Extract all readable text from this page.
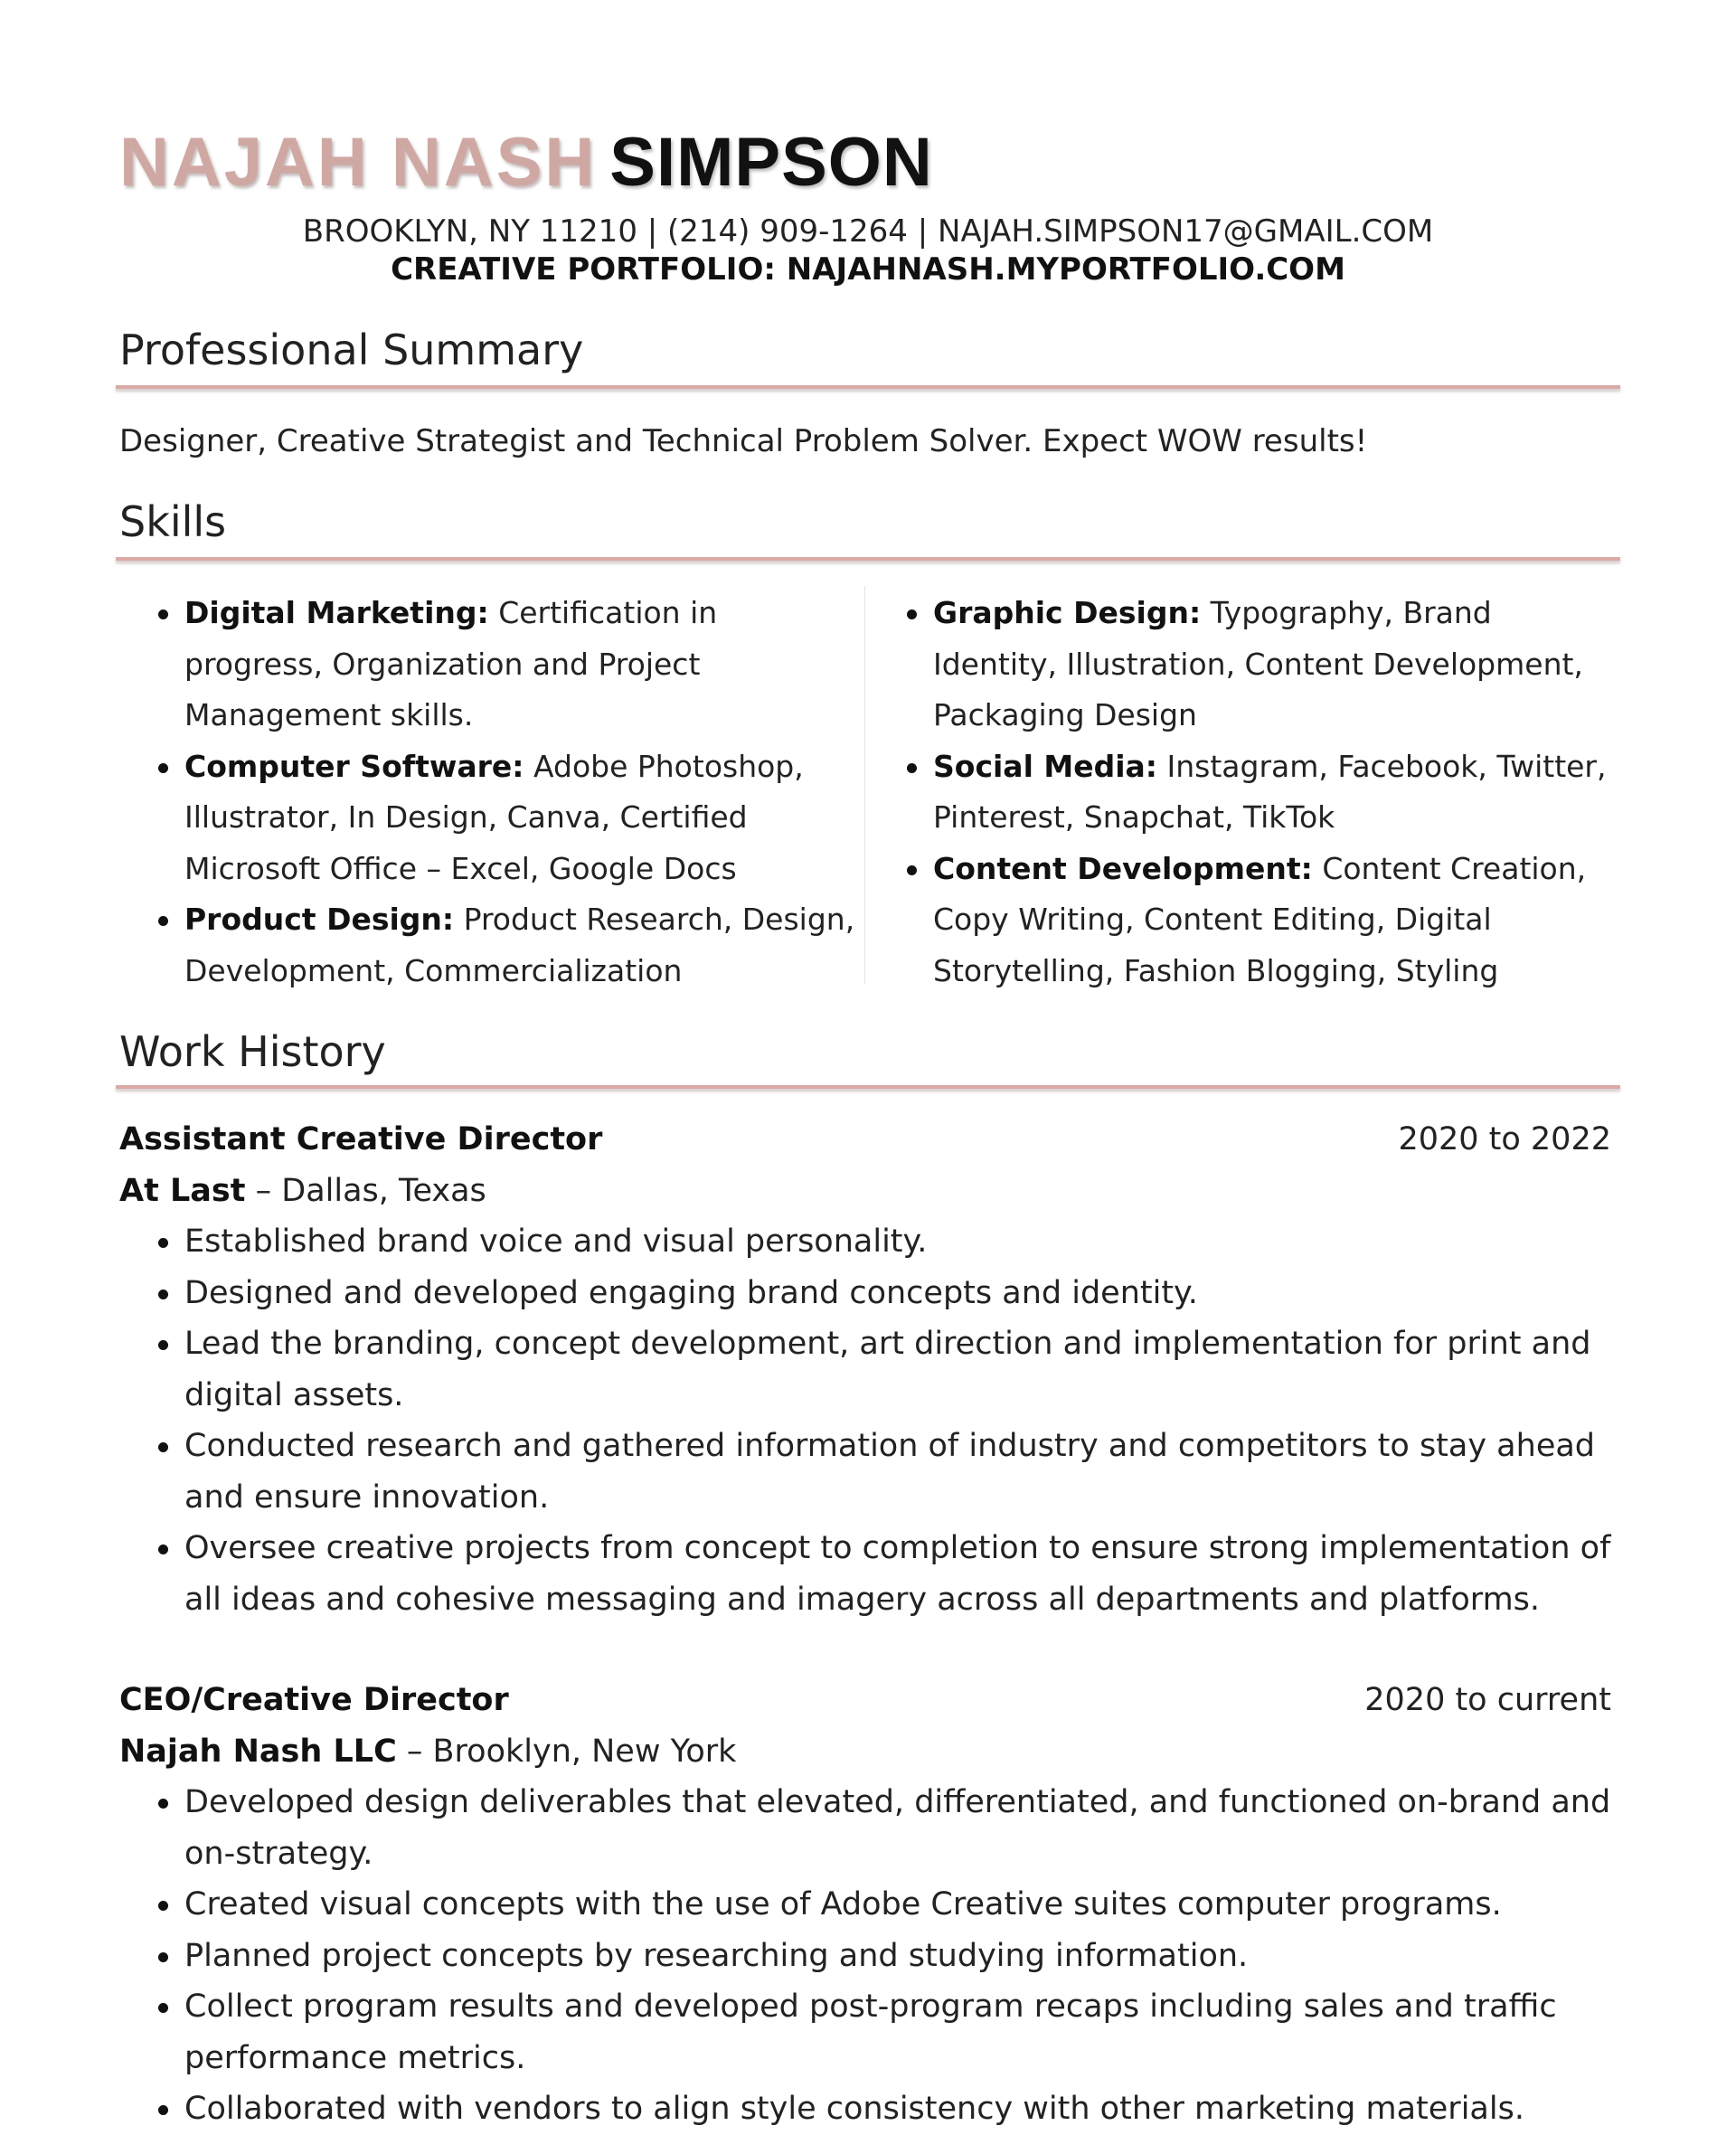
NAJAH NASH SIMPSON
BROOKLYN, NY 11210 | (214) 909-1264 | NAJAH.SIMPSON17@GMAIL.COM
CREATIVE PORTFOLIO: NAJAHNASH.MYPORTFOLIO.COM
Professional Summary
Designer, Creative Strategist and Technical Problem Solver. Expect WOW results!
Skills
Digital Marketing: Certification in progress, Organization and Project Management skills.
Computer Software: Adobe Photoshop, Illustrator, In Design, Canva, Certified Microsoft Office – Excel, Google Docs
Product Design: Product Research, Design, Development, Commercialization
Graphic Design: Typography, Brand Identity, Illustration, Content Development, Packaging Design
Social Media: Instagram, Facebook, Twitter, Pinterest, Snapchat, TikTok
Content Development: Content Creation, Copy Writing, Content Editing, Digital Storytelling, Fashion Blogging, Styling
Work History
Assistant Creative Director	2020 to 2022
At Last – Dallas, Texas
Established brand voice and visual personality.
Designed and developed engaging brand concepts and identity.
Lead the branding, concept development, art direction and implementation for print and digital assets.
Conducted research and gathered information of industry and competitors to stay ahead and ensure innovation.
Oversee creative projects from concept to completion to ensure strong implementation of all ideas and cohesive messaging and imagery across all departments and platforms.
CEO/Creative Director	2020 to current
Najah Nash LLC – Brooklyn, New York
Developed design deliverables that elevated, differentiated, and functioned on-brand and on-strategy.
Created visual concepts with the use of Adobe Creative suites computer programs.
Planned project concepts by researching and studying information.
Collect program results and developed post-program recaps including sales and traffic performance metrics.
Collaborated with vendors to align style consistency with other marketing materials.
